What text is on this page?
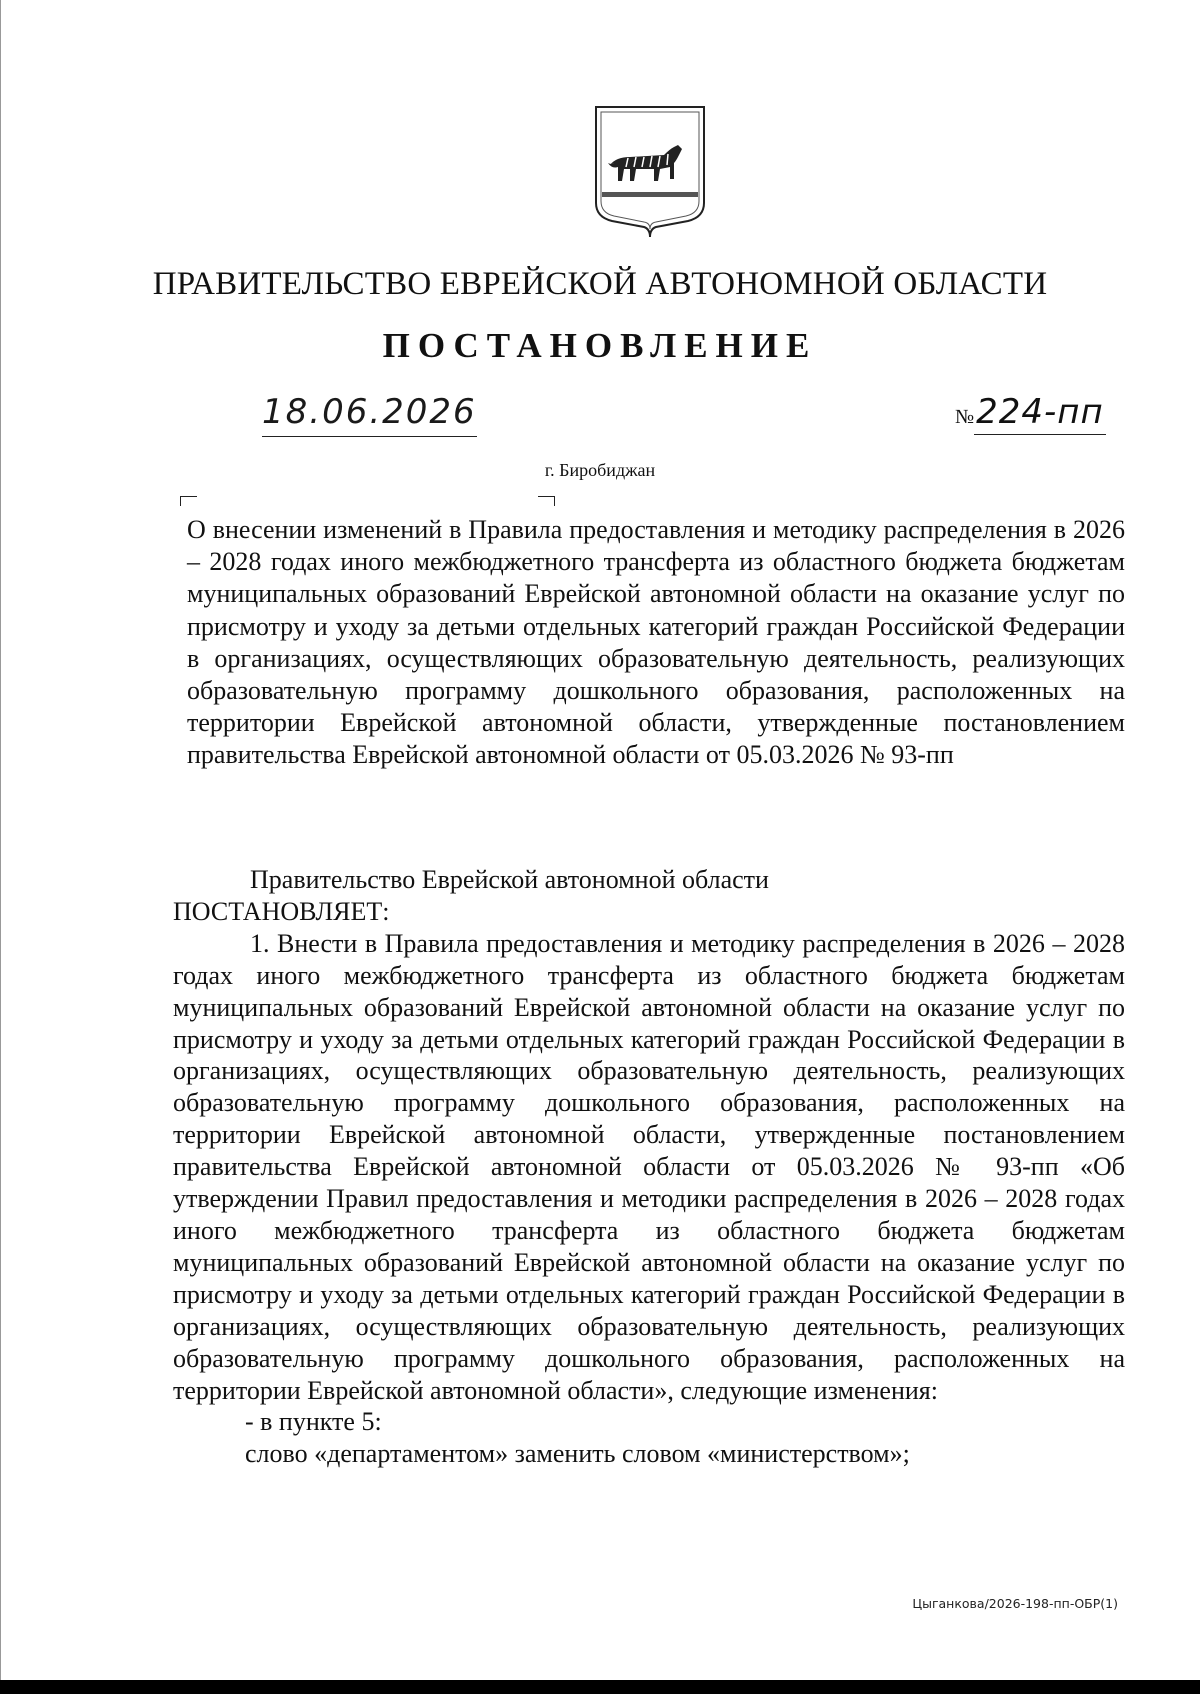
ПРАВИТЕЛЬСТВО ЕВРЕЙСКОЙ АВТОНОМНОЙ ОБЛАСТИ
ПОСТАНОВЛЕНИЕ
18.06.2026	№224-пп
г. Биробиджан
О внесении изменений в Правила предоставления и методику распределения в 2026 – 2028 годах иного межбюджетного трансферта из областного бюджета бюджетам муниципальных образований Еврейской автономной области на оказание услуг по присмотру и уходу за детьми отдельных категорий граждан Российской Федерации в организациях, осуществляющих образовательную деятельность, реализующих образовательную программу дошкольного образования, расположенных на территории Еврейской автономной области, утвержденные постановлением правительства Еврейской автономной области от 05.03.2026 № 93-пп

Правительство Еврейской автономной области

ПОСТАНОВЛЯЕТ:

1. Внести в Правила предоставления и методику распределения в 2026 – 2028 годах иного межбюджетного трансферта из областного бюджета бюджетам муниципальных образований Еврейской автономной области на оказание услуг по присмотру и уходу за детьми отдельных категорий граждан Российской Федерации в организациях, осуществляющих образовательную деятельность, реализующих образовательную программу дошкольного образования, расположенных на территории Еврейской автономной области, утвержденные постановлением правительства Еврейской автономной области от 05.03.2026 № 93-пп «Об утверждении Правил предоставления и методики распределения в 2026 – 2028 годах иного межбюджетного трансферта из областного бюджета бюджетам муниципальных образований Еврейской автономной области на оказание услуг по присмотру и уходу за детьми отдельных категорий граждан Российской Федерации в организациях, осуществляющих образовательную деятельность, реализующих образовательную программу дошкольного образования, расположенных на территории Еврейской автономной области», следующие изменения:

- в пункте 5:

слово «департаментом» заменить словом «министерством»;

Цыганкова/2026-198-пп-ОБР(1)
